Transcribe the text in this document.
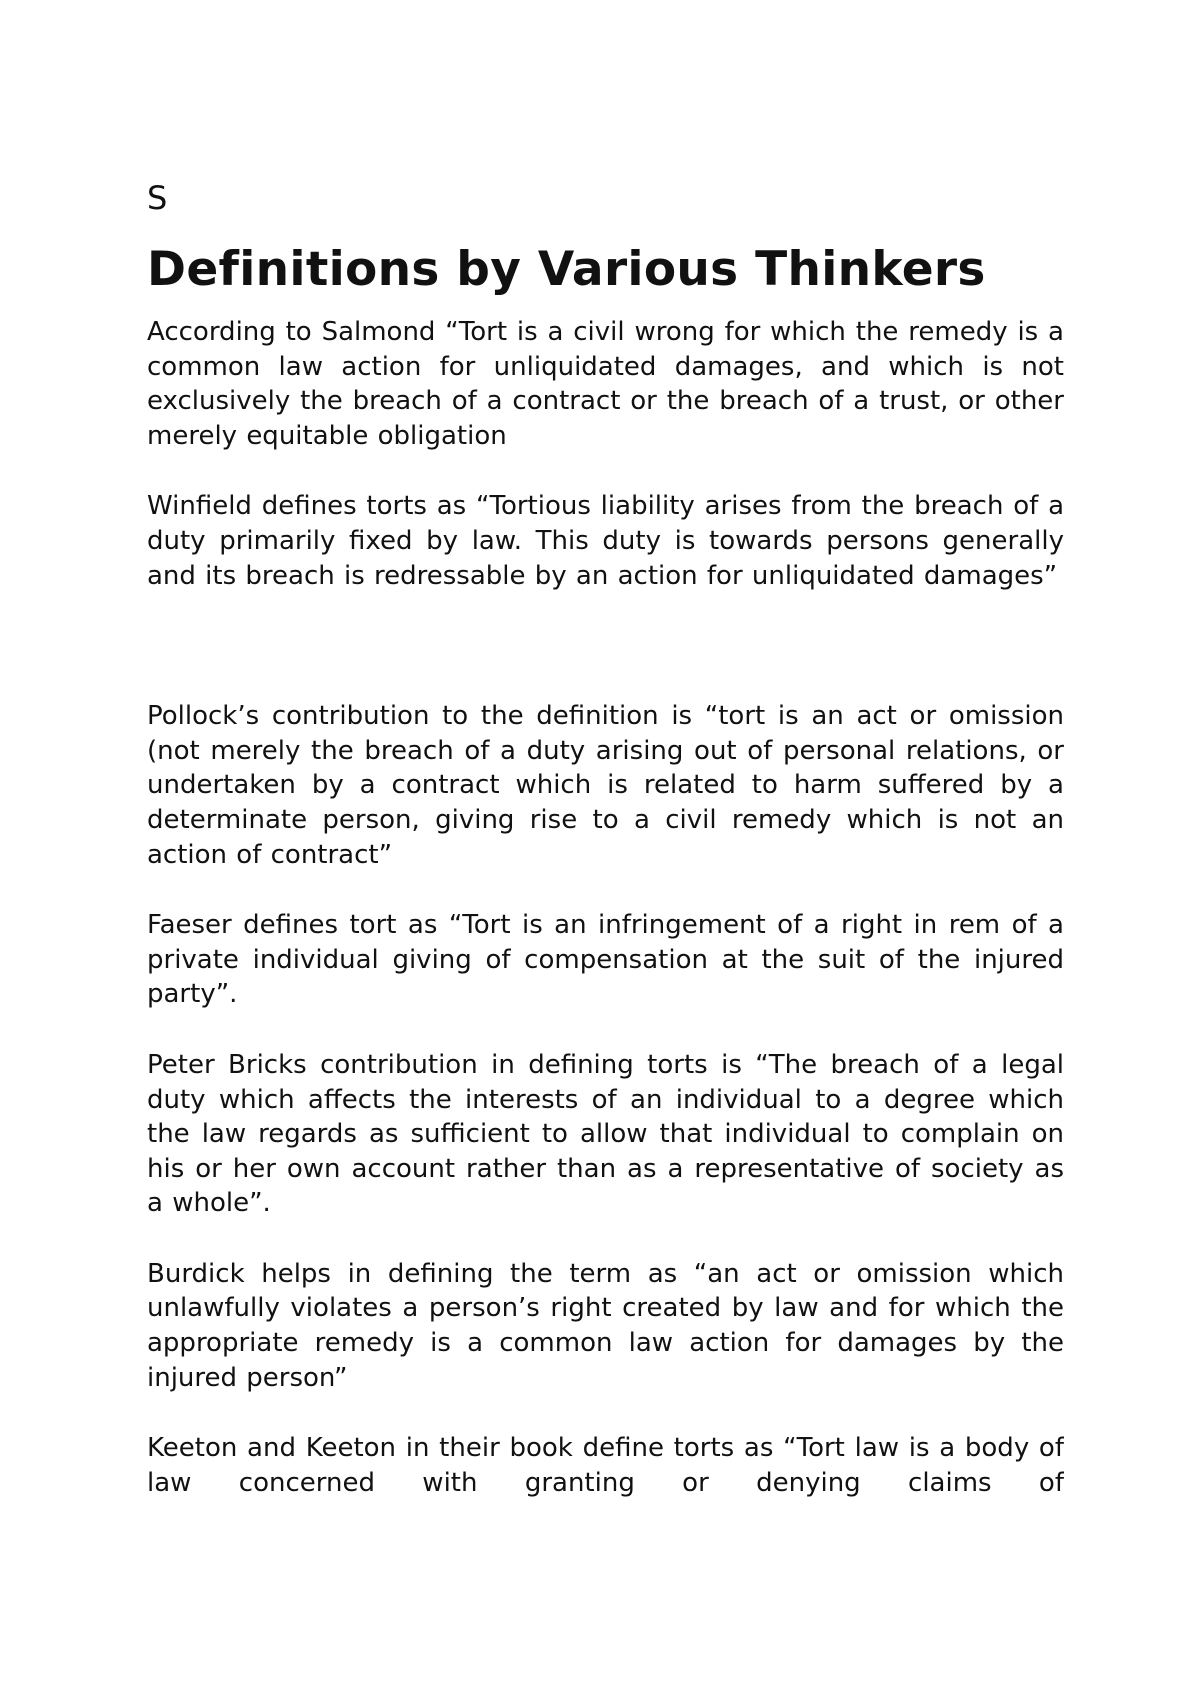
S
Definitions by Various Thinkers

According to Salmond “Tort is a civil wrong for which the remedy is a common law action for unliquidated damages, and which is not exclusively the breach of a contract or the breach of a trust, or other merely equitable obligation

Winfield defines torts as “Tortious liability arises from the breach of a duty primarily fixed by law. This duty is towards persons generally and its breach is redressable by an action for unliquidated damages”

Pollock’s contribution to the definition is “tort is an act or omission (not merely the breach of a duty arising out of personal relations, or undertaken by a contract which is related to harm suffered by a determinate person, giving rise to a civil remedy which is not an action of contract”

Faeser defines tort as “Tort is an infringement of a right in rem of a private individual giving of compensation at the suit of the injured party”.

Peter Bricks contribution in defining torts is “The breach of a legal duty which affects the interests of an individual to a degree which the law regards as sufficient to allow that individual to complain on his or her own account rather than as a representative of society as a whole”.

Burdick helps in defining the term as “an act or omission which unlawfully violates a person’s right created by law and for which the appropriate remedy is a common law action for damages by the injured person”

Keeton and Keeton in their book define torts as “Tort law is a body of law concerned with granting or denying claims of
